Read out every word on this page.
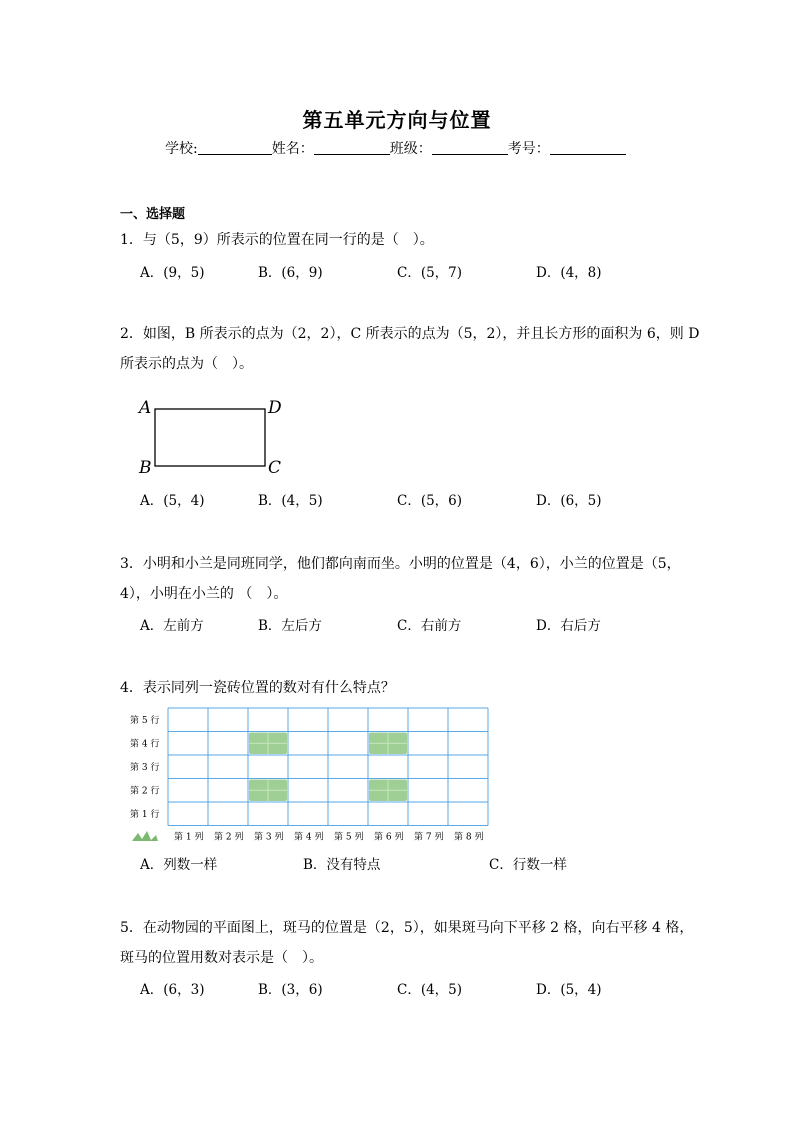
第五单元方向与位置
学校:	姓名：	班级：	考号：
一、选择题
1．与（5，9）所表示的位置在同一行的是（　）。
A．(9，5)	B．(6，9)	C．(5，7)	D．(4，8)
2．如图，B 所表示的点为（2，2），C 所表示的点为（5，2），并且长方形的面积为 6，则 D
所表示的点为（　）。
A
B	C
D
A．(5，4)	B．(4，5)	C．(5，6)	D．(6，5)
3．小明和小兰是同班同学，他们都向南而坐。小明的位置是（4，6），小兰的位置是（5，
4），小明在小兰的 （　）。
A．左前方	B．左后方	C．右前方	D．右后方
4．表示同列一瓷砖位置的数对有什么特点？
第 5 行
第 4 行
第 3 行
第 2 行
第 1 行
第 1 列 第 2 列 第 3 列 第 4 列 第 5 列 第 6 列 第 7 列 第 8 列
A．列数一样	B．没有特点	C．行数一样
5．在动物园的平面图上，斑马的位置是（2，5），如果斑马向下平移 2 格，向右平移 4 格，
斑马的位置用数对表示是（　）。
A．(6，3)	B．(3，6)	C．(4，5)	D．(5，4)
